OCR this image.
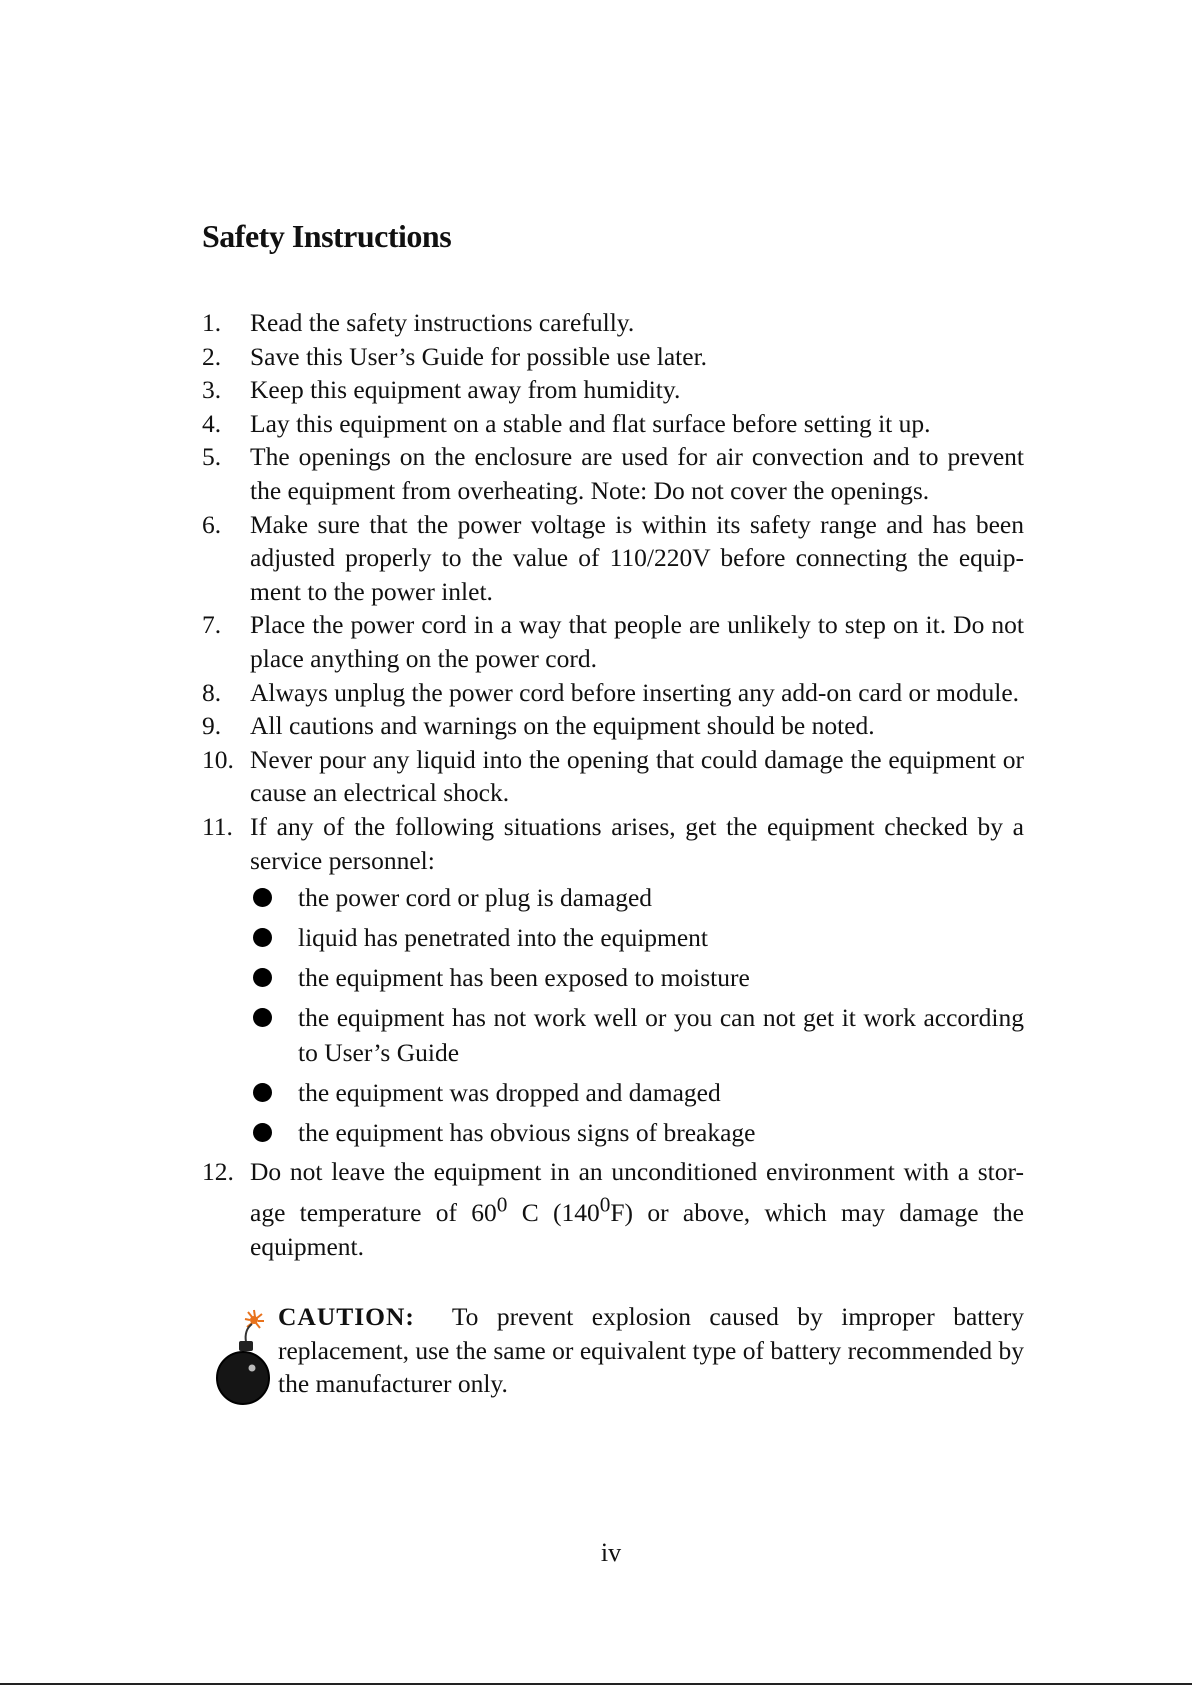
Safety Instructions
1. Read the safety instructions carefully.
2. Save this User’s Guide for possible use later.
3. Keep this equipment away from humidity.
4. Lay this equipment on a stable and flat surface before setting it up.
5. The openings on the enclosure are used for air convection and to prevent the equipment from overheating. Note: Do not cover the openings.
6. Make sure that the power voltage is within its safety range and has been adjusted properly to the value of 110/220V before connecting the equip-ment to the power inlet.
7. Place the power cord in a way that people are unlikely to step on it. Do not place anything on the power cord.
8. Always unplug the power cord before inserting any add-on card or module.
9. All cautions and warnings on the equipment should be noted.
10. Never pour any liquid into the opening that could damage the equipment or cause an electrical shock.
11. If any of the following situations arises, get the equipment checked by a service personnel:
the power cord or plug is damaged
liquid has penetrated into the equipment
the equipment has been exposed to moisture
the equipment has not work well or you can not get it work according to User’s Guide
the equipment was dropped and damaged
the equipment has obvious signs of breakage
12. Do not leave the equipment in an unconditioned environment with a stor-age temperature of $60^0$ C $(140^0F)$ or above, which may damage the equipment.

CAUTION: To prevent explosion caused by improper battery replacement, use the same or equivalent type of battery recommended by the manufacturer only.

iv
